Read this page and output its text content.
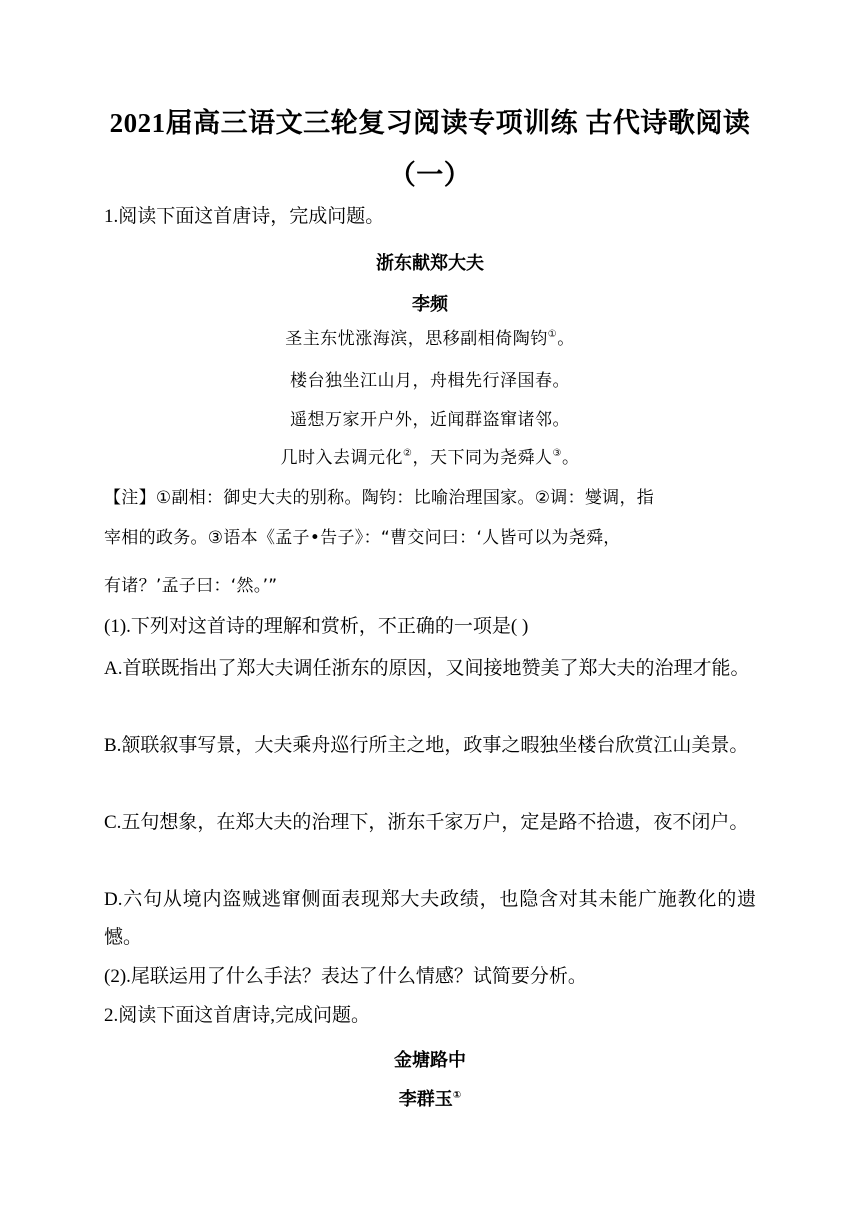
2021届高三语文三轮复习阅读专项训练 古代诗歌阅读
（一）
1.阅读下面这首唐诗，完成问题。
浙东献郑大夫
李频
圣主东忧涨海滨，思移副相倚陶钧①。
楼台独坐江山月，舟楫先行泽国春。
遥想万家开户外，近闻群盗窜诸邻。
几时入去调元化②，天下同为尧舜人③。
【注】①副相：御史大夫的别称。陶钧：比喻治理国家。②调：燮调，指
宰相的政务。③语本《孟子•告子》：“曹交问曰：‘人皆可以为尧舜，
有诸？’孟子曰：‘然。’”
(1).下列对这首诗的理解和赏析，不正确的一项是( )
A.首联既指出了郑大夫调任浙东的原因，又间接地赞美了郑大夫的治理才能。
B.颔联叙事写景，大夫乘舟巡行所主之地，政事之暇独坐楼台欣赏江山美景。
C.五句想象，在郑大夫的治理下，浙东千家万户，定是路不拾遗，夜不闭户。
D.六句从境内盗贼逃窜侧面表现郑大夫政绩，也隐含对其未能广施教化的遗憾。
(2).尾联运用了什么手法？表达了什么情感？试简要分析。
2.阅读下面这首唐诗,完成问题。
金塘路中
李群玉①
